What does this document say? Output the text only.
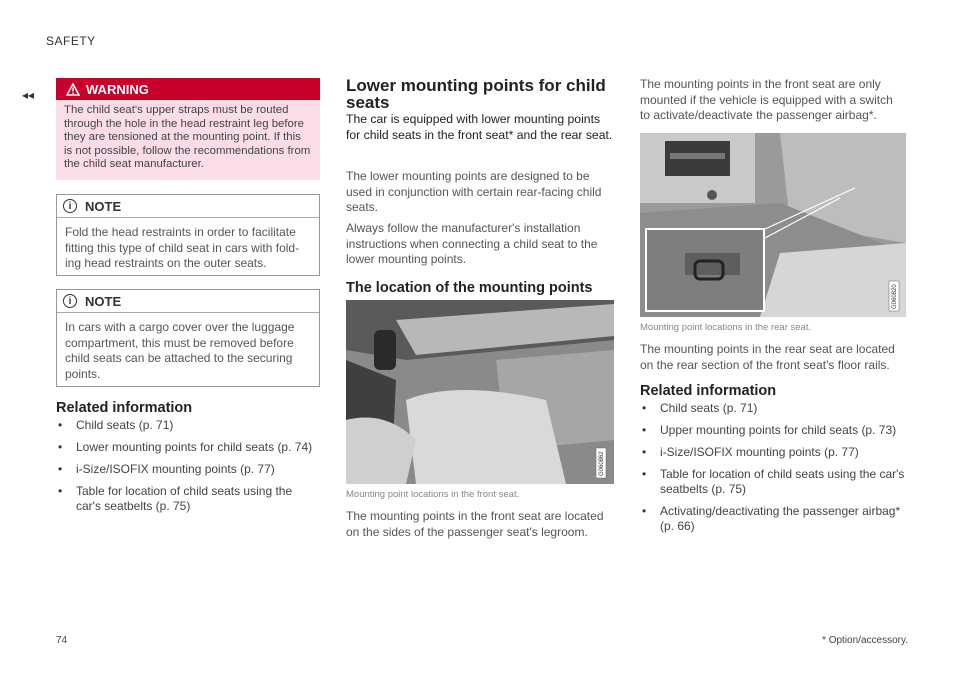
SAFETY
◂◂	WARNING
The child seat's upper straps must be routed through the hole in the head restraint leg before they are tensioned at the mounting point. If this is not possible, follow the recommendations from the child seat manufacturer.
i	NOTE
Fold the head restraints in order to facilitate fitting this type of child seat in cars with folding head restraints on the outer seats.
i	NOTE
In cars with a cargo cover over the luggage compartment, this must be removed before child seats can be attached to the securing points.
Related information
• Child seats (p. 71)
• Lower mounting points for child seats (p. 74)
• i-Size/ISOFIX mounting points (p. 77)
• Table for location of child seats using the car's seatbelts (p. 75)
Lower mounting points for child seats
The car is equipped with lower mounting points for child seats in the front seat* and the rear seat.
The lower mounting points are designed to be used in conjunction with certain rear-facing child seats.
Always follow the manufacturer's installation instructions when connecting a child seat to the lower mounting points.
The location of the mounting points
G060862
Mounting point locations in the front seat.
The mounting points in the front seat are located on the sides of the passenger seat's legroom.
The mounting points in the front seat are only mounted if the vehicle is equipped with a switch to activate/deactivate the passenger airbag*.
G060820
Mounting point locations in the rear seat.
The mounting points in the rear seat are located on the rear section of the front seat's floor rails.
Related information
• Child seats (p. 71)
• Upper mounting points for child seats (p. 73)
• i-Size/ISOFIX mounting points (p. 77)
• Table for location of child seats using the car's seatbelts (p. 75)
• Activating/deactivating the passenger airbag* (p. 66)
74	* Option/accessory.
